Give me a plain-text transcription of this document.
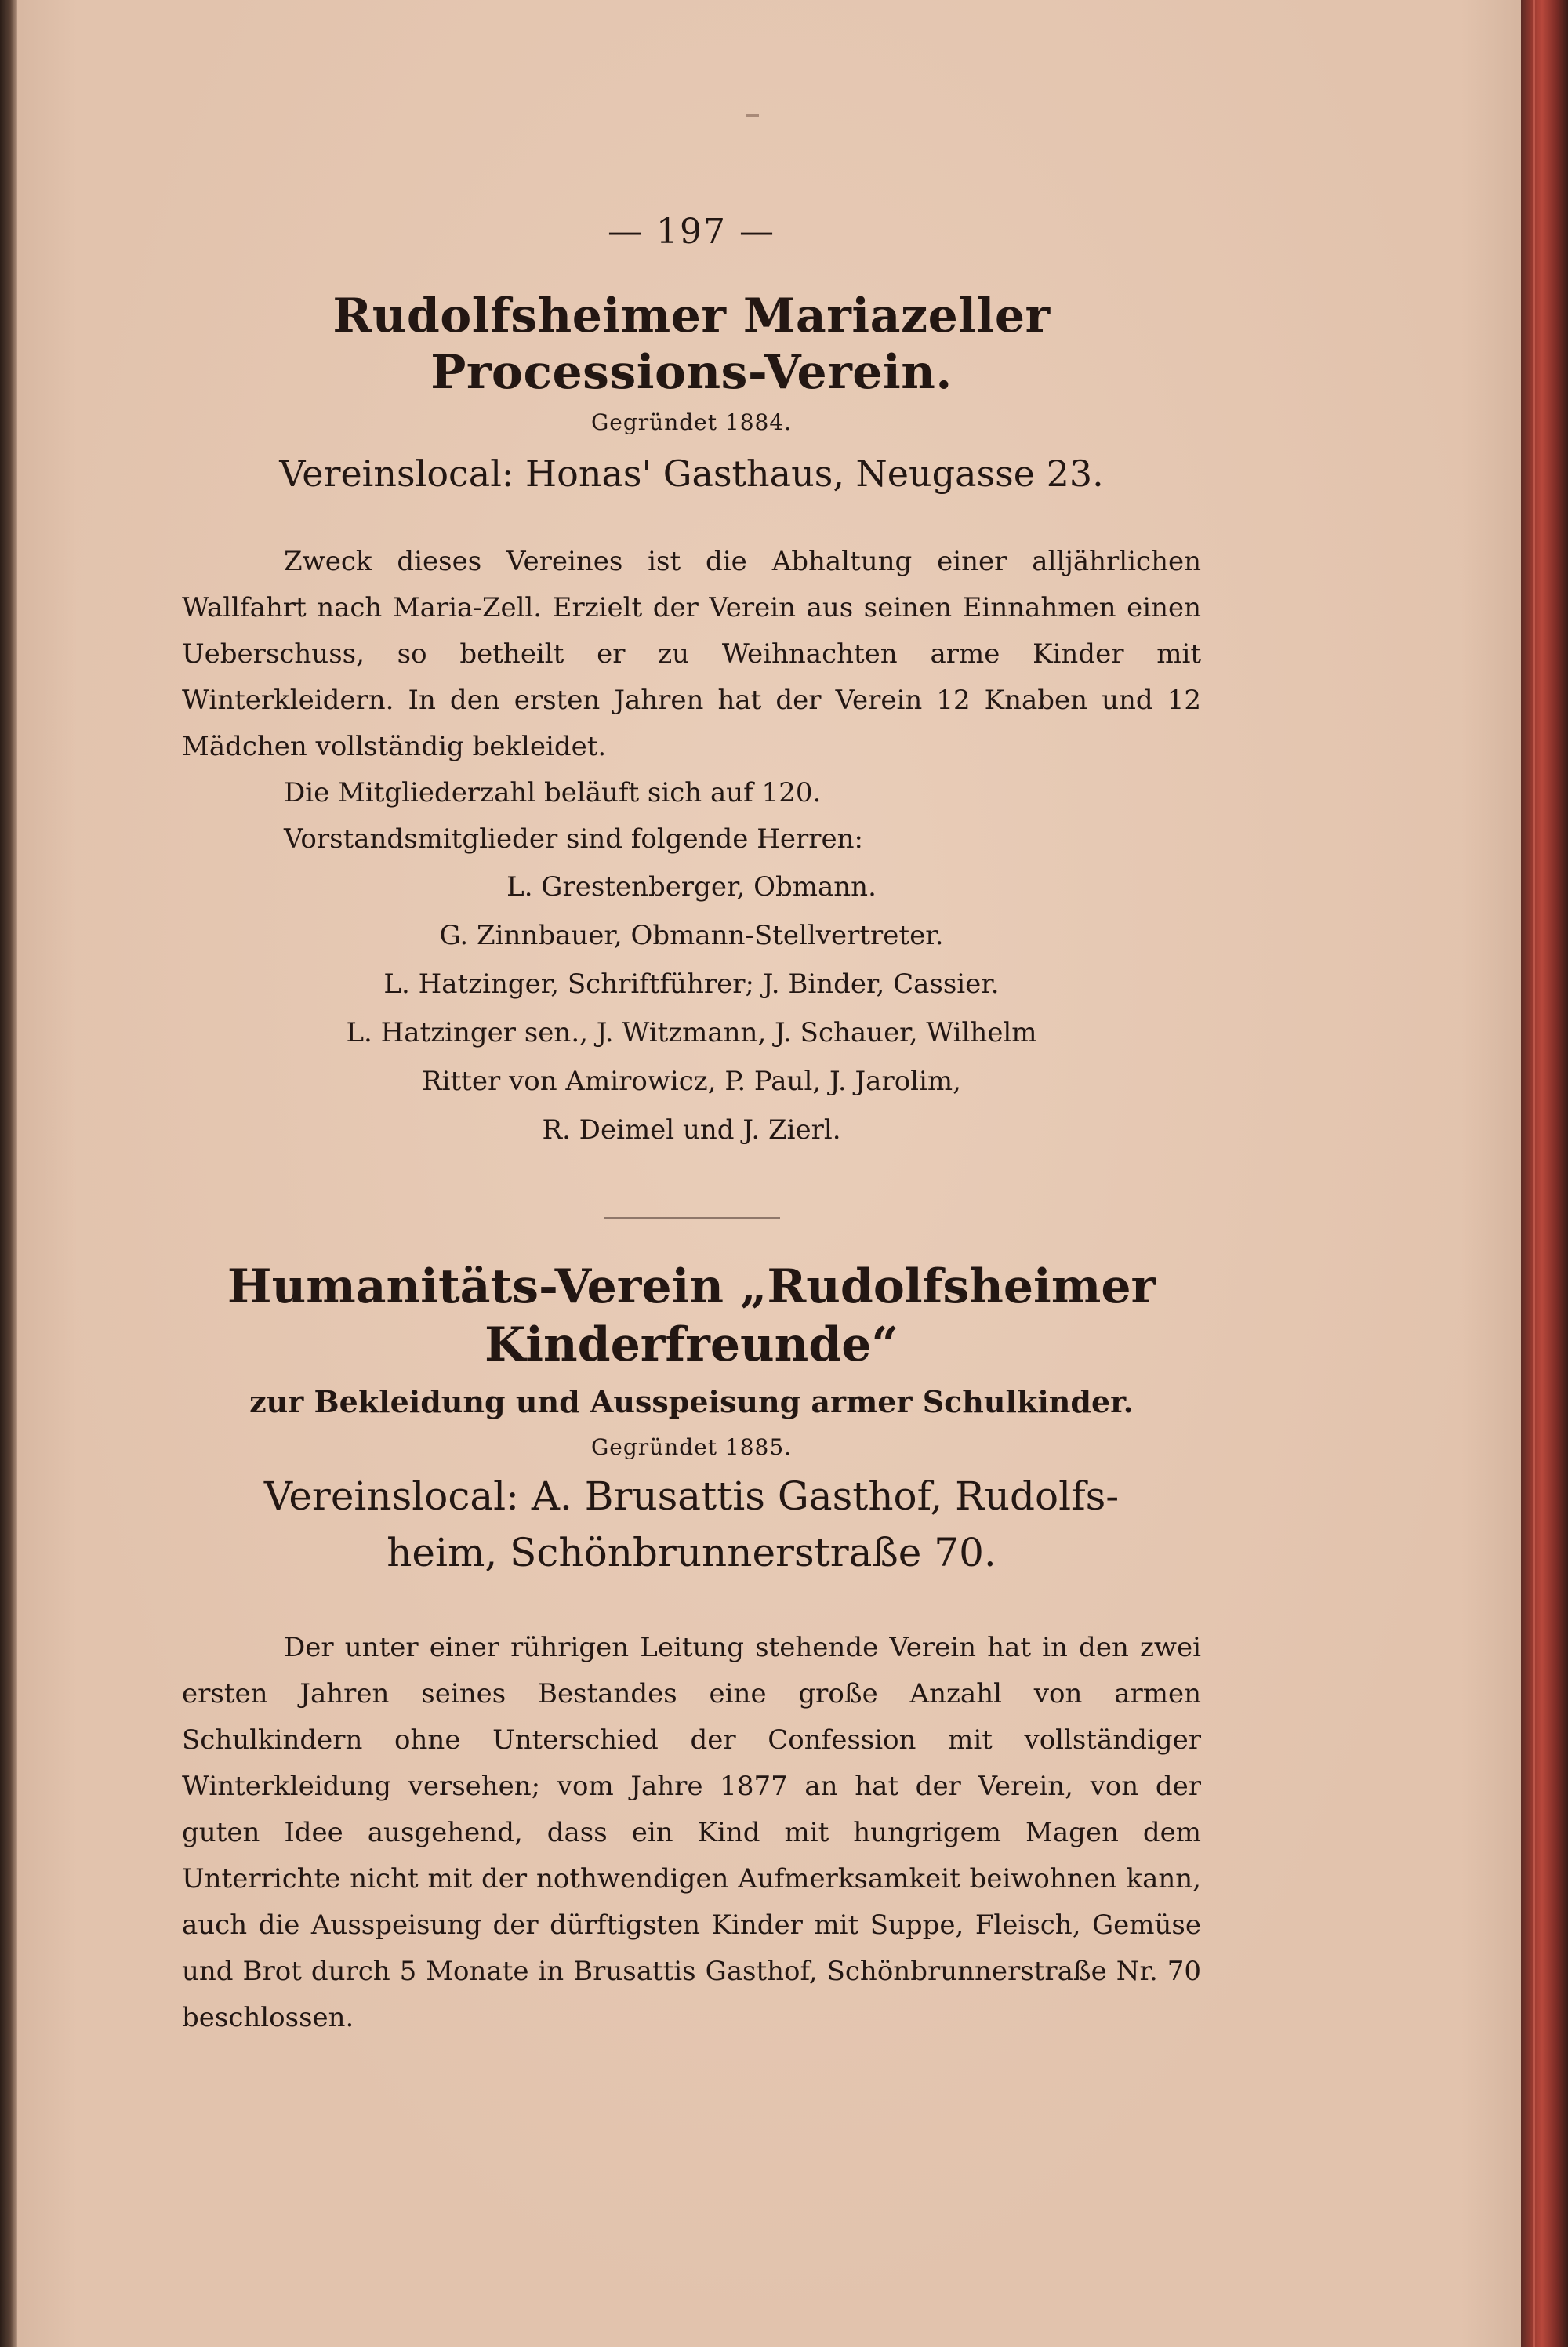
— 197 —
Rudolfsheimer Mariazeller Processions-Verein.
Gegründet 1884.
Vereinslocal: Honas' Gasthaus, Neugasse 23.

Zweck dieses Vereines ist die Abhaltung einer alljährlichen Wallfahrt nach Maria-Zell. Erzielt der Verein aus seinen Einnahmen einen Ueberschuss, so betheilt er zu Weihnachten arme Kinder mit Winterkleidern. In den ersten Jahren hat der Verein 12 Knaben und 12 Mädchen vollständig bekleidet.

Die Mitgliederzahl beläuft sich auf 120.

Vorstandsmitglieder sind folgende Herren:

L. Grestenberger, Obmann.
G. Zinnbauer, Obmann-Stellvertreter.
L. Hatzinger, Schriftführer; J. Binder, Cassier.
L. Hatzinger sen., J. Witzmann, J. Schauer, Wilhelm
Ritter von Amirowicz, P. Paul, J. Jarolim,
R. Deimel und J. Zierl.
Humanitäts-Verein „Rudolfsheimer
Kinderfreunde“
zur Bekleidung und Ausspeisung armer Schulkinder.
Gegründet 1885.
Vereinslocal: A. Brusattis Gasthof, Rudolfs-
heim, Schönbrunnerstraße 70.

Der unter einer rührigen Leitung stehende Verein hat in den zwei ersten Jahren seines Bestandes eine große Anzahl von armen Schulkindern ohne Unterschied der Confession mit vollständiger Winterkleidung versehen; vom Jahre 1877 an hat der Verein, von der guten Idee ausgehend, dass ein Kind mit hungrigem Magen dem Unterrichte nicht mit der nothwendigen Aufmerksamkeit beiwohnen kann, auch die Ausspeisung der dürftigsten Kinder mit Suppe, Fleisch, Gemüse und Brot durch 5 Monate in Brusattis Gasthof, Schönbrunnerstraße Nr. 70 beschlossen.
